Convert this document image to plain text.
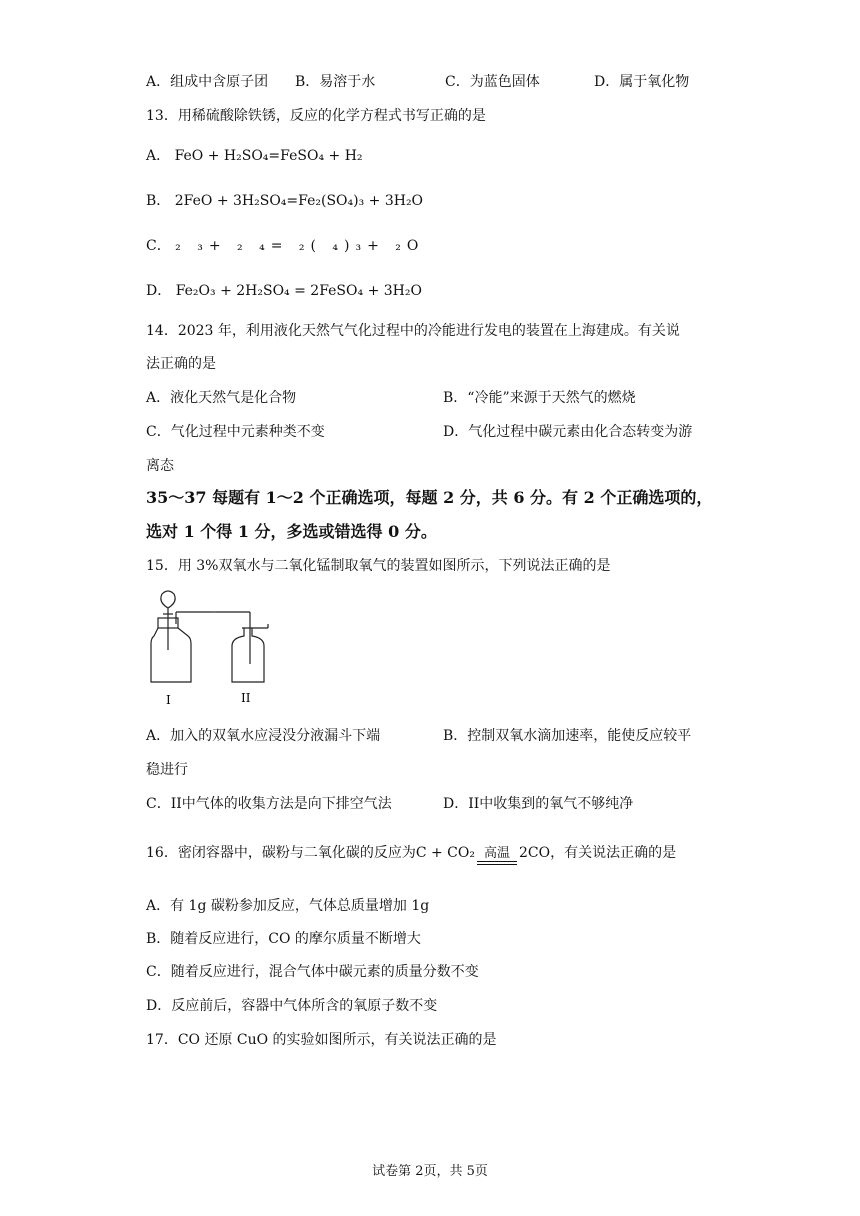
A．组成中含原子团 B．易溶于水	C．为蓝色固体	D．属于氧化物
13．用稀硫酸除铁锈，反应的化学方程式书写正确的是
A． FeO + H₂SO₄=FeSO₄ + H₂
B． 2FeO + 3H₂SO₄=Fe₂(SO₄)₃ + 3H₂O
C． ₂ ₃+ ₂ ₄= ₂( ₄)₃+ ₂O
D． Fe₂O₃ + 2H₂SO₄ = 2FeSO₄ + 3H₂O
14．2023 年，利用液化天然气气化过程中的冷能进行发电的装置在上海建成。有关说
法正确的是
A．液化天然气是化合物	B．“冷能”来源于天然气的燃烧
C．气化过程中元素种类不变	D．气化过程中碳元素由化合态转变为游
离态
35～37 每题有 1～2 个正确选项，每题 2 分，共 6 分。有 2 个正确选项的，
选对 1 个得 1 分，多选或错选得 0 分。
15．用 3%双氧水与二氧化锰制取氧气的装置如图所示，下列说法正确的是
I	II
A．加入的双氧水应浸没分液漏斗下端	B．控制双氧水滴加速率，能使反应较平
稳进行
C．II中气体的收集方法是向下排空气法	D．II中收集到的氧气不够纯净
16．密闭容器中，碳粉与二氧化碳的反应为C + CO₂ 高温 2CO，有关说法正确的是
A．有 1g 碳粉参加反应，气体总质量增加 1g
B．随着反应进行，CO 的摩尔质量不断增大
C．随着反应进行，混合气体中碳元素的质量分数不变
D．反应前后，容器中气体所含的氧原子数不变
17．CO 还原 CuO 的实验如图所示，有关说法正确的是
试卷第 2页，共 5页
